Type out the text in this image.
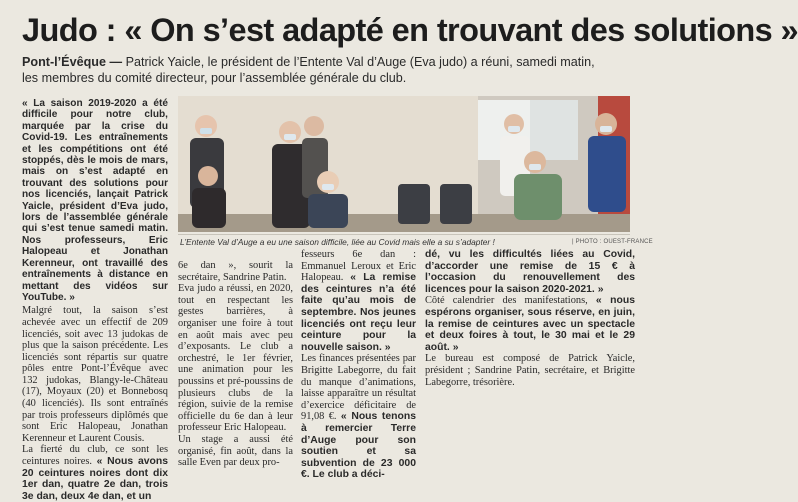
Judo : « On s’est adapté en trouvant des solutions »
Pont-l’Évêque — Patrick Yaicle, le président de l’Entente Val d’Auge (Eva judo) a réuni, samedi matin,
les membres du comité directeur, pour l’assemblée générale du club.

« La saison 2019-2020 a été difficile pour notre club, marquée par la crise du Covid-19. Les entraînements et les compétitions ont été stoppés, dès le mois de mars, mais on s’est adapté en trouvant des solutions pour nos licenciés, lançait Patrick Yaicle, président d’Eva judo, lors de l’assemblée générale qui s’est tenue samedi matin. Nos professeurs, Eric Halopeau et Jonathan Kerenneur, ont travaillé des entraînements à distance en mettant des vidéos sur YouTube. »

Malgré tout, la saison s’est achevée avec un effectif de 209 licenciés, soit avec 13 judokas de plus que la saison précédente. Les licenciés sont répartis sur quatre pôles entre Pont-l’Évêque avec 132 judokas, Blangy-le-Château (17), Moyaux (20) et Bonnebosq (40 licenciés). Ils sont entraînés par trois professeurs diplômés que sont Eric Halopeau, Jonathan Kerenneur et Laurent Cousis.

La fierté du club, ce sont les ceintures noires. « Nous avons 20 ceintures noires dont dix 1er dan, quatre 2e dan, trois 3e dan, deux 4e dan, et un

L’Entente Val d’Auge a eu une saison difficile, liée au Covid mais elle a su s’adapter !	| PHOTO : OUEST-FRANCE

6e dan », sourit la secrétaire, Sandrine Patin.

Eva judo a réussi, en 2020, tout en respectant les gestes barrières, à organiser une foire à tout en août mais avec peu d’exposants. Le club a orchestré, le 1er février, une animation pour les poussins et pré-poussins de plusieurs clubs de la région, suivie de la remise officielle du 6e dan à leur professeur Eric Halopeau.

Un stage a aussi été organisé, fin août, dans la salle Even par deux pro-

fesseurs 6e dan : Emmanuel Leroux et Eric Halopeau. « La remise des ceintures n’a été faite qu’au mois de septembre. Nos jeunes licenciés ont reçu leur ceinture pour la nouvelle saison. »

Les finances présentées par Brigitte Labegorre, du fait du manque d’animations, laisse apparaître un résultat d’exercice déficitaire de 91,08 €. « Nous tenons à remercier Terre d’Auge pour son soutien et sa subvention de 23 000 €. Le club a déci-

dé, vu les difficultés liées au Covid, d’accorder une remise de 15 € à l’occasion du renouvellement des licences pour la saison 2020-2021. »

Côté calendrier des manifestations, « nous espérons organiser, sous réserve, en juin, la remise de ceintures avec un spectacle et deux foires à tout, le 30 mai et le 29 août. »

Le bureau est composé de Patrick Yaicle, président ; Sandrine Patin, secrétaire, et Brigitte Labegorre, trésorière.
